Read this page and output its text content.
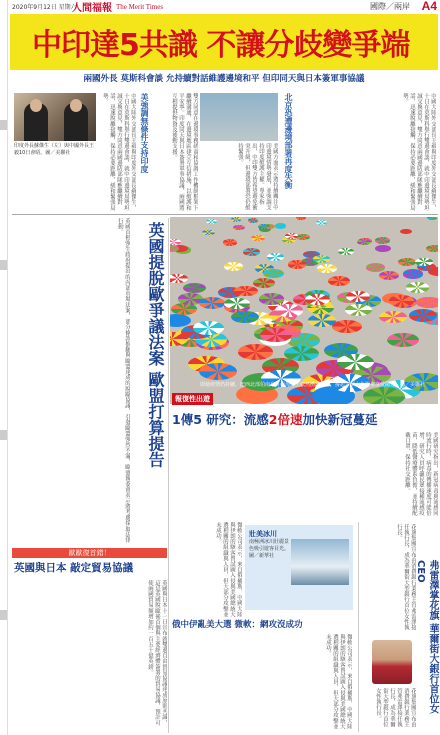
2020年9月12日 星期六
人間福報 The Merit Times	國際／兩岸 A4
中印達5共識 不讓分歧變爭端
兩國外長 莫斯科會談 允持續對話維護邊境和平 但印同天與日本簽軍事協議
印度外長蘇傑生（左）與中國外長王毅10日會晤。圖／美聯社	中國大陸外交部長王毅與印度外交部長蘇傑生，十日在莫斯科舉行雙邊會談，就中印邊境局勢坦誠交換意見，雙方同意兩國邊防部隊應繼續對話，迅速脫離接觸，保持必要距離，緩和緊張局勢。	美強調無條件支持印度	雙方同意在邊境事務磋商和協調工作機制框架下繼續溝通，在邊境地區建立互信措施，以維護和平安寧。印度同天與日本簽署軍事協議，兩國將互相提供物資及後勤支援。
美國方面表示將持續關注中印邊境情勢發展，並強調支持印度維護主權。專家指出，中印雙方皆希望避免衝突升級，但邊境部署恐仍維持緊張。	北京恐遭邊境部署再度失衡	中國大陸外交部長王毅與印度外交部長蘇傑生，十日在莫斯科舉行雙邊會談，就中印邊境局勢坦誠交換意見，雙方同意兩國邊防部隊應繼續對話，迅速脫離接觸，保持必要距離，緩和緊張局勢。
英國首相強生政府提出的內部市場法案，部分條款推翻與歐盟達成的脫歐協議，引發歐盟強烈不滿，歐盟執委會表示將考慮採取法律行動。	英國提脫歐爭議法案 歐盟打算提告	報復性出遊
即使疫情仍持續，巴西北部伯南布哥州海灘上依然擠滿遊客，撐起五顏六色陽傘享受陽光。圖／美聯社
1傳5 研究：流感2倍速加快新冠蔓延
美國研究指出，新冠病毒與流感同時流行時，病毒的傳播速度可能倍增，研究人員呼籲民眾接種流感疫苗，降低醫療體系負擔，並持續配戴口罩、保持社交距離。
歐歐復首錯！
英國與日本 敲定貿易協議
英國與日本十一日宣布就雙邊自由貿易協議達成原則共識，這是英國脫歐後首個與主要經濟體簽署的貿易協議，預計可使兩國貿易額增加約一百五十億英鎊。
微軟公司表示，來自俄羅斯、中國大陸與伊朗的駭客曾試圖入侵與美國總統大選相關的組織與人員，但大部分攻擊並未成功。	壯美冰川
南極洲冰川壯麗景色吸引遊客目光。圖／新華社
俄中伊亂美大選 微軟：網攻沒成功
微軟公司表示，來自俄羅斯、中國大陸與伊朗的駭客曾試圖入侵與美國總統大選相關的組織與人員，但大部分攻擊並未成功。	弗雷澤掌花旗 華爾街大銀行首位女CEO
花旗集團宣布由消費銀行業務主管弗雷澤接任執行長，成為華爾街大型銀行首位女性執行長。
花旗集團宣布由消費銀行業務主管弗雷澤接任執行長，成為華爾街大型銀行首位女性執行長。
